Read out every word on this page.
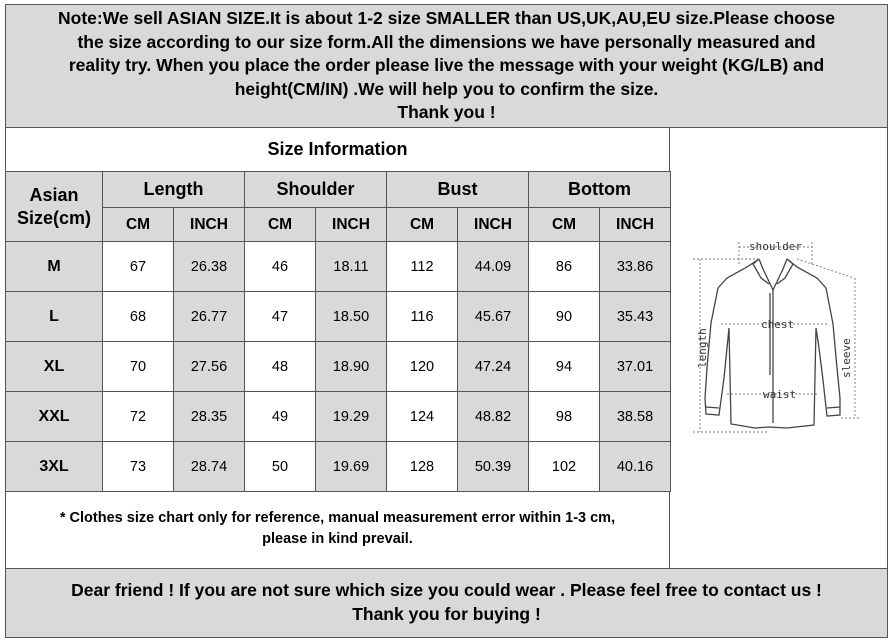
Note:We sell ASIAN SIZE.It is about 1-2 size SMALLER than US,UK,AU,EU size.Please choose
the size according to our size form.All the dimensions we have personally measured and
reality try. When you place the order please live the message with your weight (KG/LB) and
height(CM/IN) .We will help you to confirm the size.
Thank you !
Size Information
Asian
Size(cm)	Length		Shoulder		Bust		Bottom	
	CM	INCH	CM	INCH	CM	INCH	CM	INCH
M	67	26.38	46	18.11	112	44.09	86	33.86
L	68	26.77	47	18.50	116	45.67	90	35.43
XL	70	27.56	48	18.90	120	47.24	94	37.01
XXL	72	28.35	49	19.29	124	48.82	98	38.58
3XL	73	28.74	50	19.69	128	50.39	102	40.16
* Clothes size chart only for reference, manual measurement error within 1-3 cm,
please in kind prevail.
shoulder
chest
waist
length	sleeve
Dear friend ! If you are not sure which size you could wear . Please feel free to contact us !
Thank you for buying !
